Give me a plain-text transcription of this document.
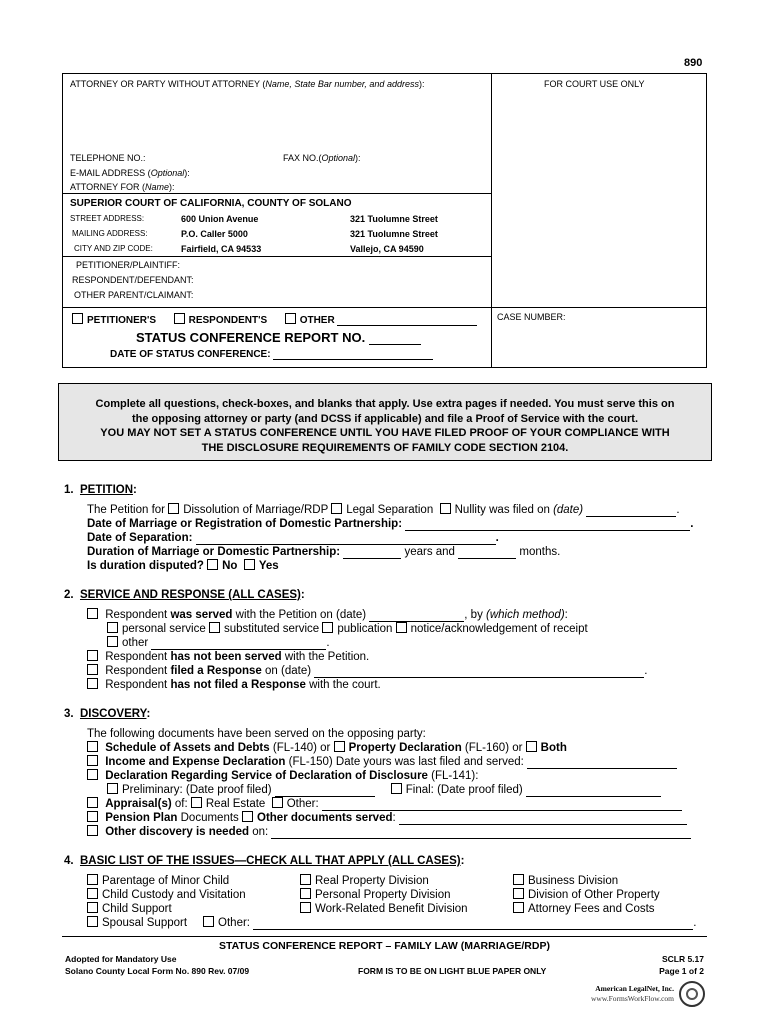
890
ATTORNEY OR PARTY WITHOUT ATTORNEY (Name, State Bar number, and address):	FOR COURT USE ONLY
TELEPHONE NO.:	FAX NO.(Optional):
E-MAIL ADDRESS (Optional):
ATTORNEY FOR (Name):
SUPERIOR COURT OF CALIFORNIA, COUNTY OF SOLANO
STREET ADDRESS:	600 Union Avenue	321 Tuolumne Street
MAILING ADDRESS:	P.O. Caller 5000	321 Tuolumne Street
CITY AND ZIP CODE:	Fairfield, CA 94533	Vallejo, CA 94590
PETITIONER/PLAINTIFF:
RESPONDENT/DEFENDANT:
OTHER PARENT/CLAIMANT:
PETITIONER'S	RESPONDENT'S	OTHER	CASE NUMBER:
STATUS CONFERENCE REPORT NO.
DATE OF STATUS CONFERENCE:
Complete all questions, check-boxes, and blanks that apply. Use extra pages if needed. You must serve this on
the opposing attorney or party (and DCSS if applicable) and file a Proof of Service with the court.
YOU MAY NOT SET A STATUS CONFERENCE UNTIL YOU HAVE FILED PROOF OF YOUR COMPLIANCE WITH
THE DISCLOSURE REQUIREMENTS OF FAMILY CODE SECTION 2104.
1. PETITION:
The Petition for Dissolution of Marriage/RDP Legal Separation Nullity was filed on (date)	.
Date of Marriage or Registration of Domestic Partnership:	.
Date of Separation:	.
Duration of Marriage or Domestic Partnership:	years and	months.
Is duration disputed? No Yes
2. SERVICE AND RESPONSE (ALL CASES):
Respondent was served with the Petition on (date)	, by (which method):
personal service substituted service publication notice/acknowledgement of receipt
other	.
Respondent has not been served with the Petition.
Respondent filed a Response on (date)	.
Respondent has not filed a Response with the court.
3. DISCOVERY:
The following documents have been served on the opposing party:
Schedule of Assets and Debts (FL-140) or Property Declaration (FL-160) or Both
Income and Expense Declaration (FL-150) Date yours was last filed and served:
Declaration Regarding Service of Declaration of Disclosure (FL-141):
Preliminary: (Date proof filed)	Final: (Date proof filed)
Appraisal(s) of: Real Estate Other:
Pension Plan Documents Other documents served:
Other discovery is needed on:
4. BASIC LIST OF THE ISSUES—CHECK ALL THAT APPLY (ALL CASES):
Parentage of Minor Child
Child Custody and Visitation
Child Support
Spousal Support	Other:	.
Real Property Division
Personal Property Division
Work-Related Benefit Division
Business Division
Division of Other Property
Attorney Fees and Costs
STATUS CONFERENCE REPORT – FAMILY LAW (MARRIAGE/RDP)
Adopted for Mandatory Use
Solano County Local Form No. 890 Rev. 07/09	FORM IS TO BE ON LIGHT BLUE PAPER ONLY
SCLR 5.17
Page 1 of 2
American LegalNet, Inc.
www.FormsWorkFlow.com
